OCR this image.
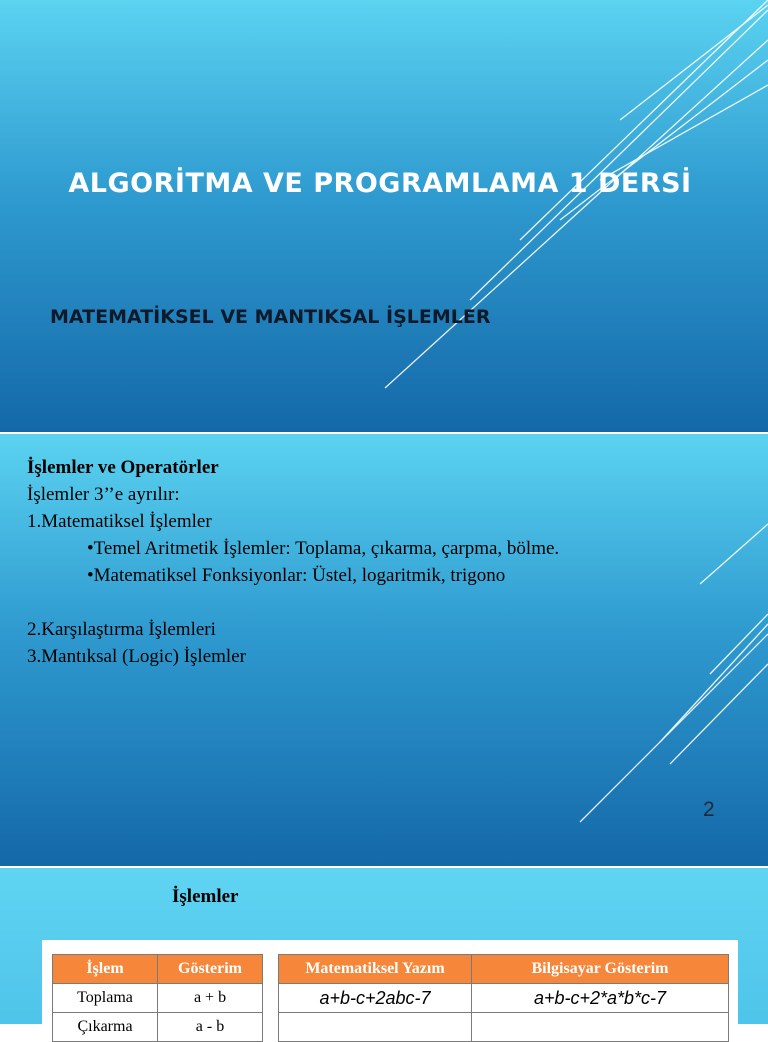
ALGORİTMA VE PROGRAMLAMA 1 DERSİ
MATEMATİKSEL VE MANTIKSAL İŞLEMLER
İşlemler ve Operatörler
İşlemler 3’’e ayrılır:
1.Matematiksel İşlemler
•Temel Aritmetik İşlemler: Toplama, çıkarma, çarpma, bölme.
•Matematiksel Fonksiyonlar: Üstel, logaritmik, trigono
2.Karşılaştırma İşlemleri
3.Mantıksal (Logic) İşlemler
2
İşlemler
İşlem	Gösterim
Toplama	a + b
Çıkarma	a - b
Matematiksel Yazım	Bilgisayar Gösterim
a+b-c+2abc-7	a+b-c+2*a*b*c-7
